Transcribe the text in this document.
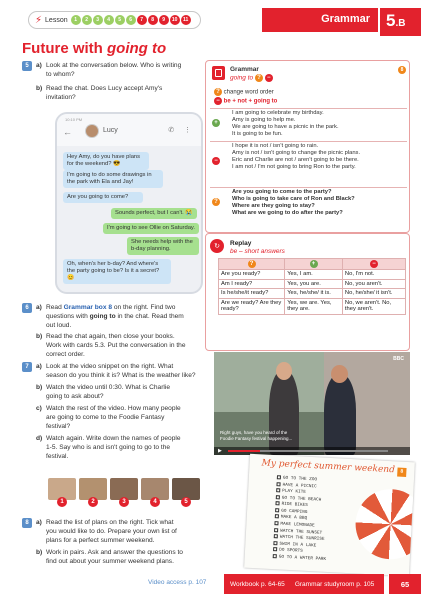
⚡ Lesson	1	2	3	4	5	6	7	8	9	10	11	Grammar 5.B
Future with going to
5	a) Look at the conversation below. Who is writing
to whom?
b) Read the chat. Does Lucy accept Amy's
invitation?
10:10 PM
←	Lucy	✆ ⋮
Hey Amy, do you have plans for the weekend? 😎
I'm going to do some drawings in the park with Ela and Jay!
Are you going to come?
Sounds perfect, but I can't. 😭
I'm going to see Ollie on Saturday.
She needs help with the b-day planning.
Oh, when's her b-day? And where's the party going to be? Is it a secret? 😊
Grammar
going to ? −
8
? change word order
− be + not + going to
+
I am going to celebrate my birthday.
Amy is going to help me.
We are going to have a picnic in the park.
It is going to be fun.
−
I hope it is not / isn't going to rain.
Amy is not / isn't going to change the picnic plans.
Eric and Charlie are not / aren't going to be there.
I am not / I'm not going to bring Ron to the party.
?
Are you going to come to the party?
Who is going to take care of Ron and Black?
Where are they going to stay?
What are we going to do after the party?
↻	Replay
be – short answers
?	+	−
Are you ready?	Yes, I am.	No, I'm not.
Am I ready?	Yes, you are.	No, you aren't.
Is he/she/it ready?	Yes, he/she/ it is.	No, he/she/ it isn't.
Are we ready? Are they ready?	Yes, we are. Yes, they are.	No, we aren't. No, they aren't.
6	a) Read Grammar box 8 on the right. Find two
questions with going to in the chat. Read them
out loud.
b) Read the chat again, then close your books.
Work with cards 5.3. Put the conversation in the
correct order.
7	a) Look at the video snippet on the right. What
season do you think it is? What is the weather like?
b) Watch the video until 0:30. What is Charlie
going to ask about?
c) Watch the rest of the video. How many people
are going to come to the Foodie Fantasy
festival?
d) Watch again. Write down the names of people
1-5. Say who is and isn't going to go to the
festival.
BBC
Right guys, have you heard of the
Foodie Fantasy festival happening...
▶
1	2	3	4	5
8	a) Read the list of plans on the right. Tick what
you would like to do. Prepare your own list of
plans for a perfect summer weekend.
b) Work in pairs. Ask and answer the questions to
find out about your summer weekend plans.
My perfect summer weekend	8
GO TO THE ZOO
HAVE A PICNIC
PLAY KITE
GO TO THE BEACH
RIDE BIKES
GO CAMPING
MAKE A BBQ
MAKE LEMONADE
WATCH THE SUNSET
WATCH THE SUNRISE
SWIM IN A LAKE
DO SPORTS
GO TO A WATER PARK
Video access p. 107	Workbook p. 64-65 Grammar studyroom p. 105	65
